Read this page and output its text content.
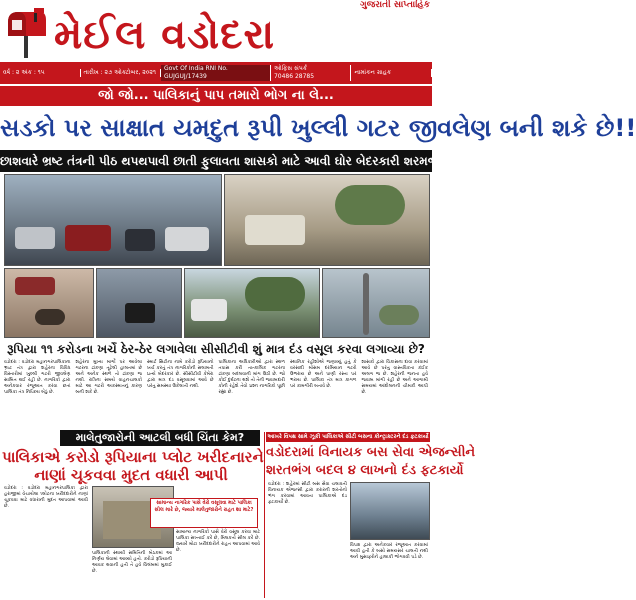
ગુજરાતી સાપ્તાહિક
મેઈલ વડોદરા
વર્ષ : ૨ અંક : ૧૫	તારીખ : ૨૭ ઓક્ટોબર, ૨૦૨૧
Govt Of India RNI No. GUJGUJ/17439
ઓફિસ સંપર્ક
70486 28785
નામાંકન ગ્રાહક
જો જો... પાલિકાનું પાપ તમારો ભોગ ના લે...
સડકો પર સાક્ષાત યમદુત રૂપી ખુલ્લી ગટર જીવલેણ બની શકે છે!!
છાશવારે ભ્રષ્ટ તંત્રની પીઠ થપથપાવી છાતી ફુલાવતા શાસકો માટે આવી ઘોર બેદરકારી શરમજનક..!!
રૂપિયા ૧૧ કરોડના ખર્ચે ઠેર-ઠેર લગાવેલા સીસીટીવી શું માત્ર દંડ વસૂલ કરવા લગાવ્યા છે?
વડોદરા : વડોદરા મહાનગરપાલિકાના ભ્રષ્ટ તંત્ર દ્વારા શહેરના વિવિધ વિસ્તારોમાં ખુલ્લી ગટરો જીવલેણ સાબિત થઈ રહી છે. નાગરિકો દ્વારા અનેકવાર રજૂઆત કરવા છતાં પાલિકા તંત્ર નિષ્ક્રિય બેઠું છે.
શહેરના મુખ્ય માર્ગો પર આવેલા ગટરના ઢાંકણા તૂટેલી હાલતમાં છે અને અનેક સ્થળે તો ઢાંકણા જ નથી. રાત્રિના સમયે વાહનચાલકો માટે આ ગટરો અકસ્માતનું કારણ બની શકે છે.
સ્માર્ટ સિટીના નામે કરોડો રૂપિયાનો ખર્ચ કરતું તંત્ર નાગરિકોની સલામતી પ્રત્યે બેદરકાર છે. સીસીટીવી કેમેરા દ્વારા માત્ર દંડ વસૂલવામાં આવે છે પરંતુ સમસ્યા ઉકેલાતી નથી.
પાલિકાના અધિકારીઓ દ્વારા સ્થળ તપાસ કરી તાત્કાલિક ગટરના ઢાંકણા બદલવાની માંગ ઉઠી છે. જો કોઈ દુર્ઘટના થશે તો તેની જવાબદારી કોની રહેશે તેવો પ્રશ્ન નાગરિકો પૂછી રહ્યા છે.
સ્થાનિક રહીશોએ જણાવ્યું હતું કે વરસાદી મોસમ દરમિયાન ગટરો ઉભરાય છે અને પાણી રસ્તા પર ભરાય છે. પાલિકા તંત્ર માત્ર કાગળ પર કામગીરી બતાવે છે.
શાસકો દ્વારા વિકાસના દાવા કરવામાં આવે છે પરંતુ વાસ્તવિકતા કંઈક અલગ જ છે. શહેરની જનતા હવે જવાબ માંગી રહી છે અને આગામી સમયમાં આંદોલનની ચીમકી આપી છે.
માલેતુજારોની આટલી બધી ચિંતા કેમ?
પાલિકાએ કરોડો રૂપિયાના પ્લોટ ખરીદનારને
નાણાં ચૂકવવા મુદત વધારી આપી
વડોદરા : વડોદરા મહાનગરપાલિકા દ્વારા હરાજીમાં વેચાયેલા પ્લોટના ખરીદદારોને નાણાં ચૂકવવા માટે વધારાની મુદત આપવામાં આવી છે.
પાલિકાની સ્થાયી સમિતિની બેઠકમાં આ નિર્ણય લેવામાં આવ્યો હતો. કરોડો રૂપિયાની આવક થવાની હતી તે હવે વિલંબમાં મુકાઈ છે.
સામાન્ય નાગરિકો પાસે વેરો વસૂલ કરવા માટે પાલિકા સખ્તાઈ કરે છે, મિલકતો સીલ કરે છે. જ્યારે મોટા ખરીદદારોને રાહત આપવામાં આવે છે.
સામાન્ય નાગરિક પાસે વેરો વસૂલવા માટે પાલિકા સીલ મારે છે, જ્યારે માલેતુજારોને રાહત શા માટે?
આખરે વિપક્ષ સામે ઝૂકી પાલિકાએ સીટી બસના કોન્ટ્રાક્ટરને દંડ ફટકાર્યો
વડોદરામાં વિનાયક બસ સેવા એજન્સીને
શરતભંગ બદલ ૪ લાખનો દંડ ફટકાર્યો
વડોદરા : શહેરમાં સીટી બસ સેવા ચલાવતી વિનાયક એજન્સી દ્વારા કરારની શરતોનો ભંગ કરવામાં આવતા પાલિકાએ દંડ ફટકાર્યો છે.
વિપક્ષ દ્વારા અનેકવાર રજૂઆત કરવામાં આવી હતી કે બસો સમયસર ચાલતી નથી અને મુસાફરોને હાલાકી ભોગવવી પડે છે.
